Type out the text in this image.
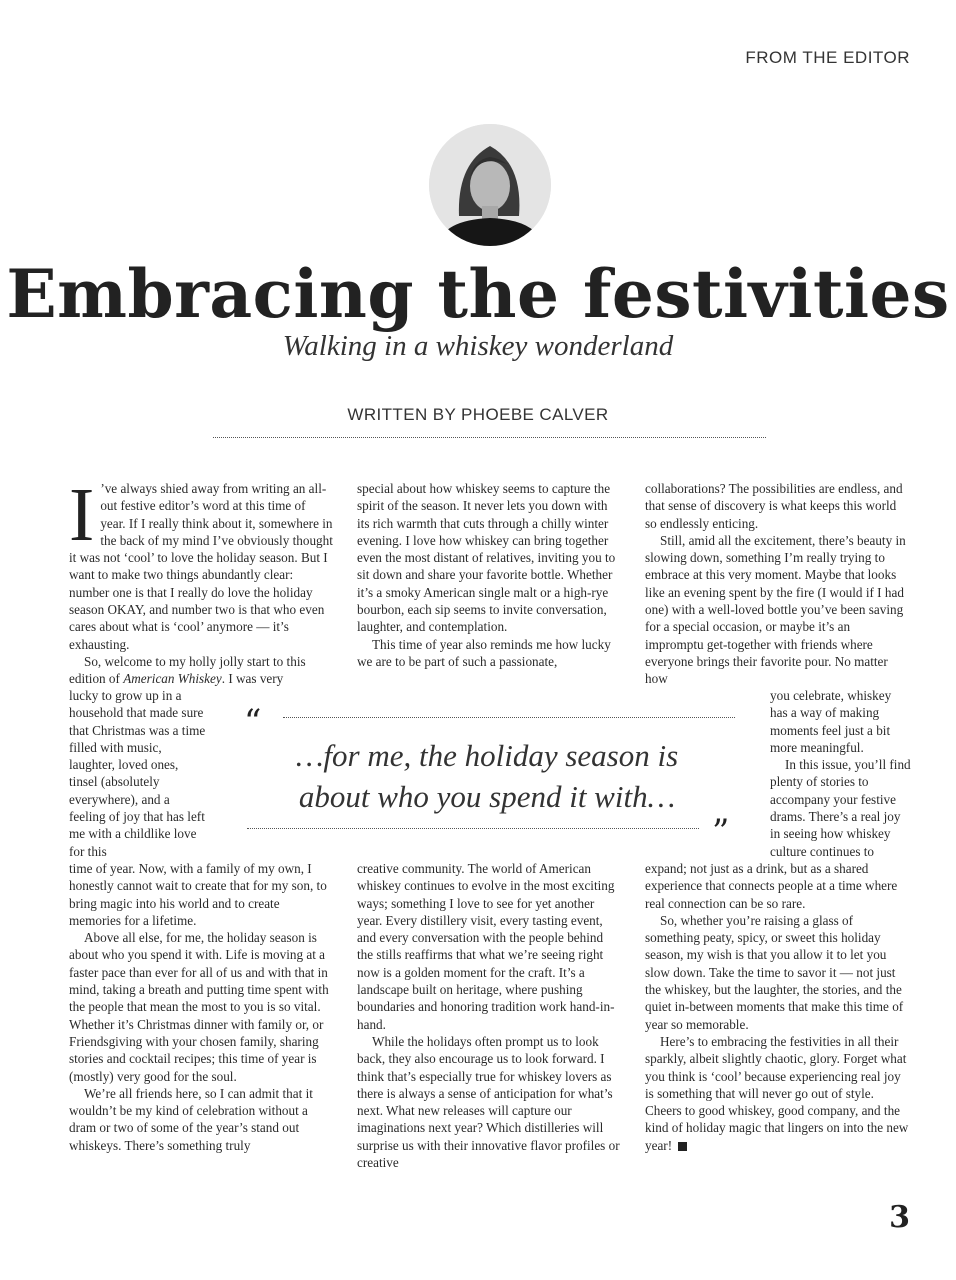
FROM THE EDITOR
Embracing the festivities
Walking in a whiskey wonderland
WRITTEN BY PHOEBE CALVER

I ’ve always shied away from writing an all-out festive editor’s word at this time of year. If I really think about it, somewhere in the back of my mind I’ve obviously thought it was not ‘cool’ to love the holiday season. But I want to make two things abundantly clear: number one is that I really do love the holiday season OKAY, and number two is that who even cares about what is ‘cool’ anymore — it’s exhausting.

So, welcome to my holly jolly start to this edition of American Whiskey. I was very

lucky to grow up in a household that made sure that Christmas was a time filled with music, laughter, loved ones, tinsel (absolutely everywhere), and a feeling of joy that has left me with a childlike love for this

time of year. Now, with a family of my own, I honestly cannot wait to create that for my son, to bring magic into his world and to create memories for a lifetime.

Above all else, for me, the holiday season is about who you spend it with. Life is moving at a faster pace than ever for all of us and with that in mind, taking a breath and putting time spent with the people that mean the most to you is so vital. Whether it’s Christmas dinner with family or, or Friendsgiving with your chosen family, sharing stories and cocktail recipes; this time of year is (mostly) very good for the soul.

We’re all friends here, so I can admit that it wouldn’t be my kind of celebration without a dram or two of some of the year’s stand out whiskeys. There’s something truly

special about how whiskey seems to capture the spirit of the season. It never lets you down with its rich warmth that cuts through a chilly winter evening. I love how whiskey can bring together even the most distant of relatives, inviting you to sit down and share your favorite bottle. Whether it’s a smoky American single malt or a high-rye bourbon, each sip seems to invite conversation, laughter, and contemplation.

This time of year also reminds me how lucky we are to be part of such a passionate,

creative community. The world of American whiskey continues to evolve in the most exciting ways; something I love to see for yet another year. Every distillery visit, every tasting event, and every conversation with the people behind the stills reaffirms that what we’re seeing right now is a golden moment for the craft. It’s a landscape built on heritage, where pushing boundaries and honoring tradition work hand-in-hand.

While the holidays often prompt us to look back, they also encourage us to look forward. I think that’s especially true for whiskey lovers as there is always a sense of anticipation for what’s next. What new releases will capture our imaginations next year? Which distilleries will surprise us with their innovative flavor profiles or creative

collaborations? The possibilities are endless, and that sense of discovery is what keeps this world so endlessly enticing.

Still, amid all the excitement, there’s beauty in slowing down, something I’m really trying to embrace at this very moment. Maybe that looks like an evening spent by the fire (I would if I had one) with a well-loved bottle you’ve been saving for a special occasion, or maybe it’s an impromptu get-together with friends where everyone brings their favorite pour. No matter how

you celebrate, whiskey has a way of making moments feel just a bit more meaningful.

In this issue, you’ll find plenty of stories to accompany your festive drams. There’s a real joy in seeing how whiskey culture continues to

expand; not just as a drink, but as a shared experience that connects people at a time where real connection can be so rare.

So, whether you’re raising a glass of something peaty, spicy, or sweet this holiday season, my wish is that you allow it to let you slow down. Take the time to savor it — not just the whiskey, but the laughter, the stories, and the quiet in-between moments that make this time of year so memorable.

Here’s to embracing the festivities in all their sparkly, albeit slightly chaotic, glory. Forget what you think is ‘cool’ because experiencing real joy is something that will never go out of style. Cheers to good whiskey, good company, and the kind of holiday magic that lingers on into the new year!

“
…for me, the holiday season is about who you spend it with…
”
3
